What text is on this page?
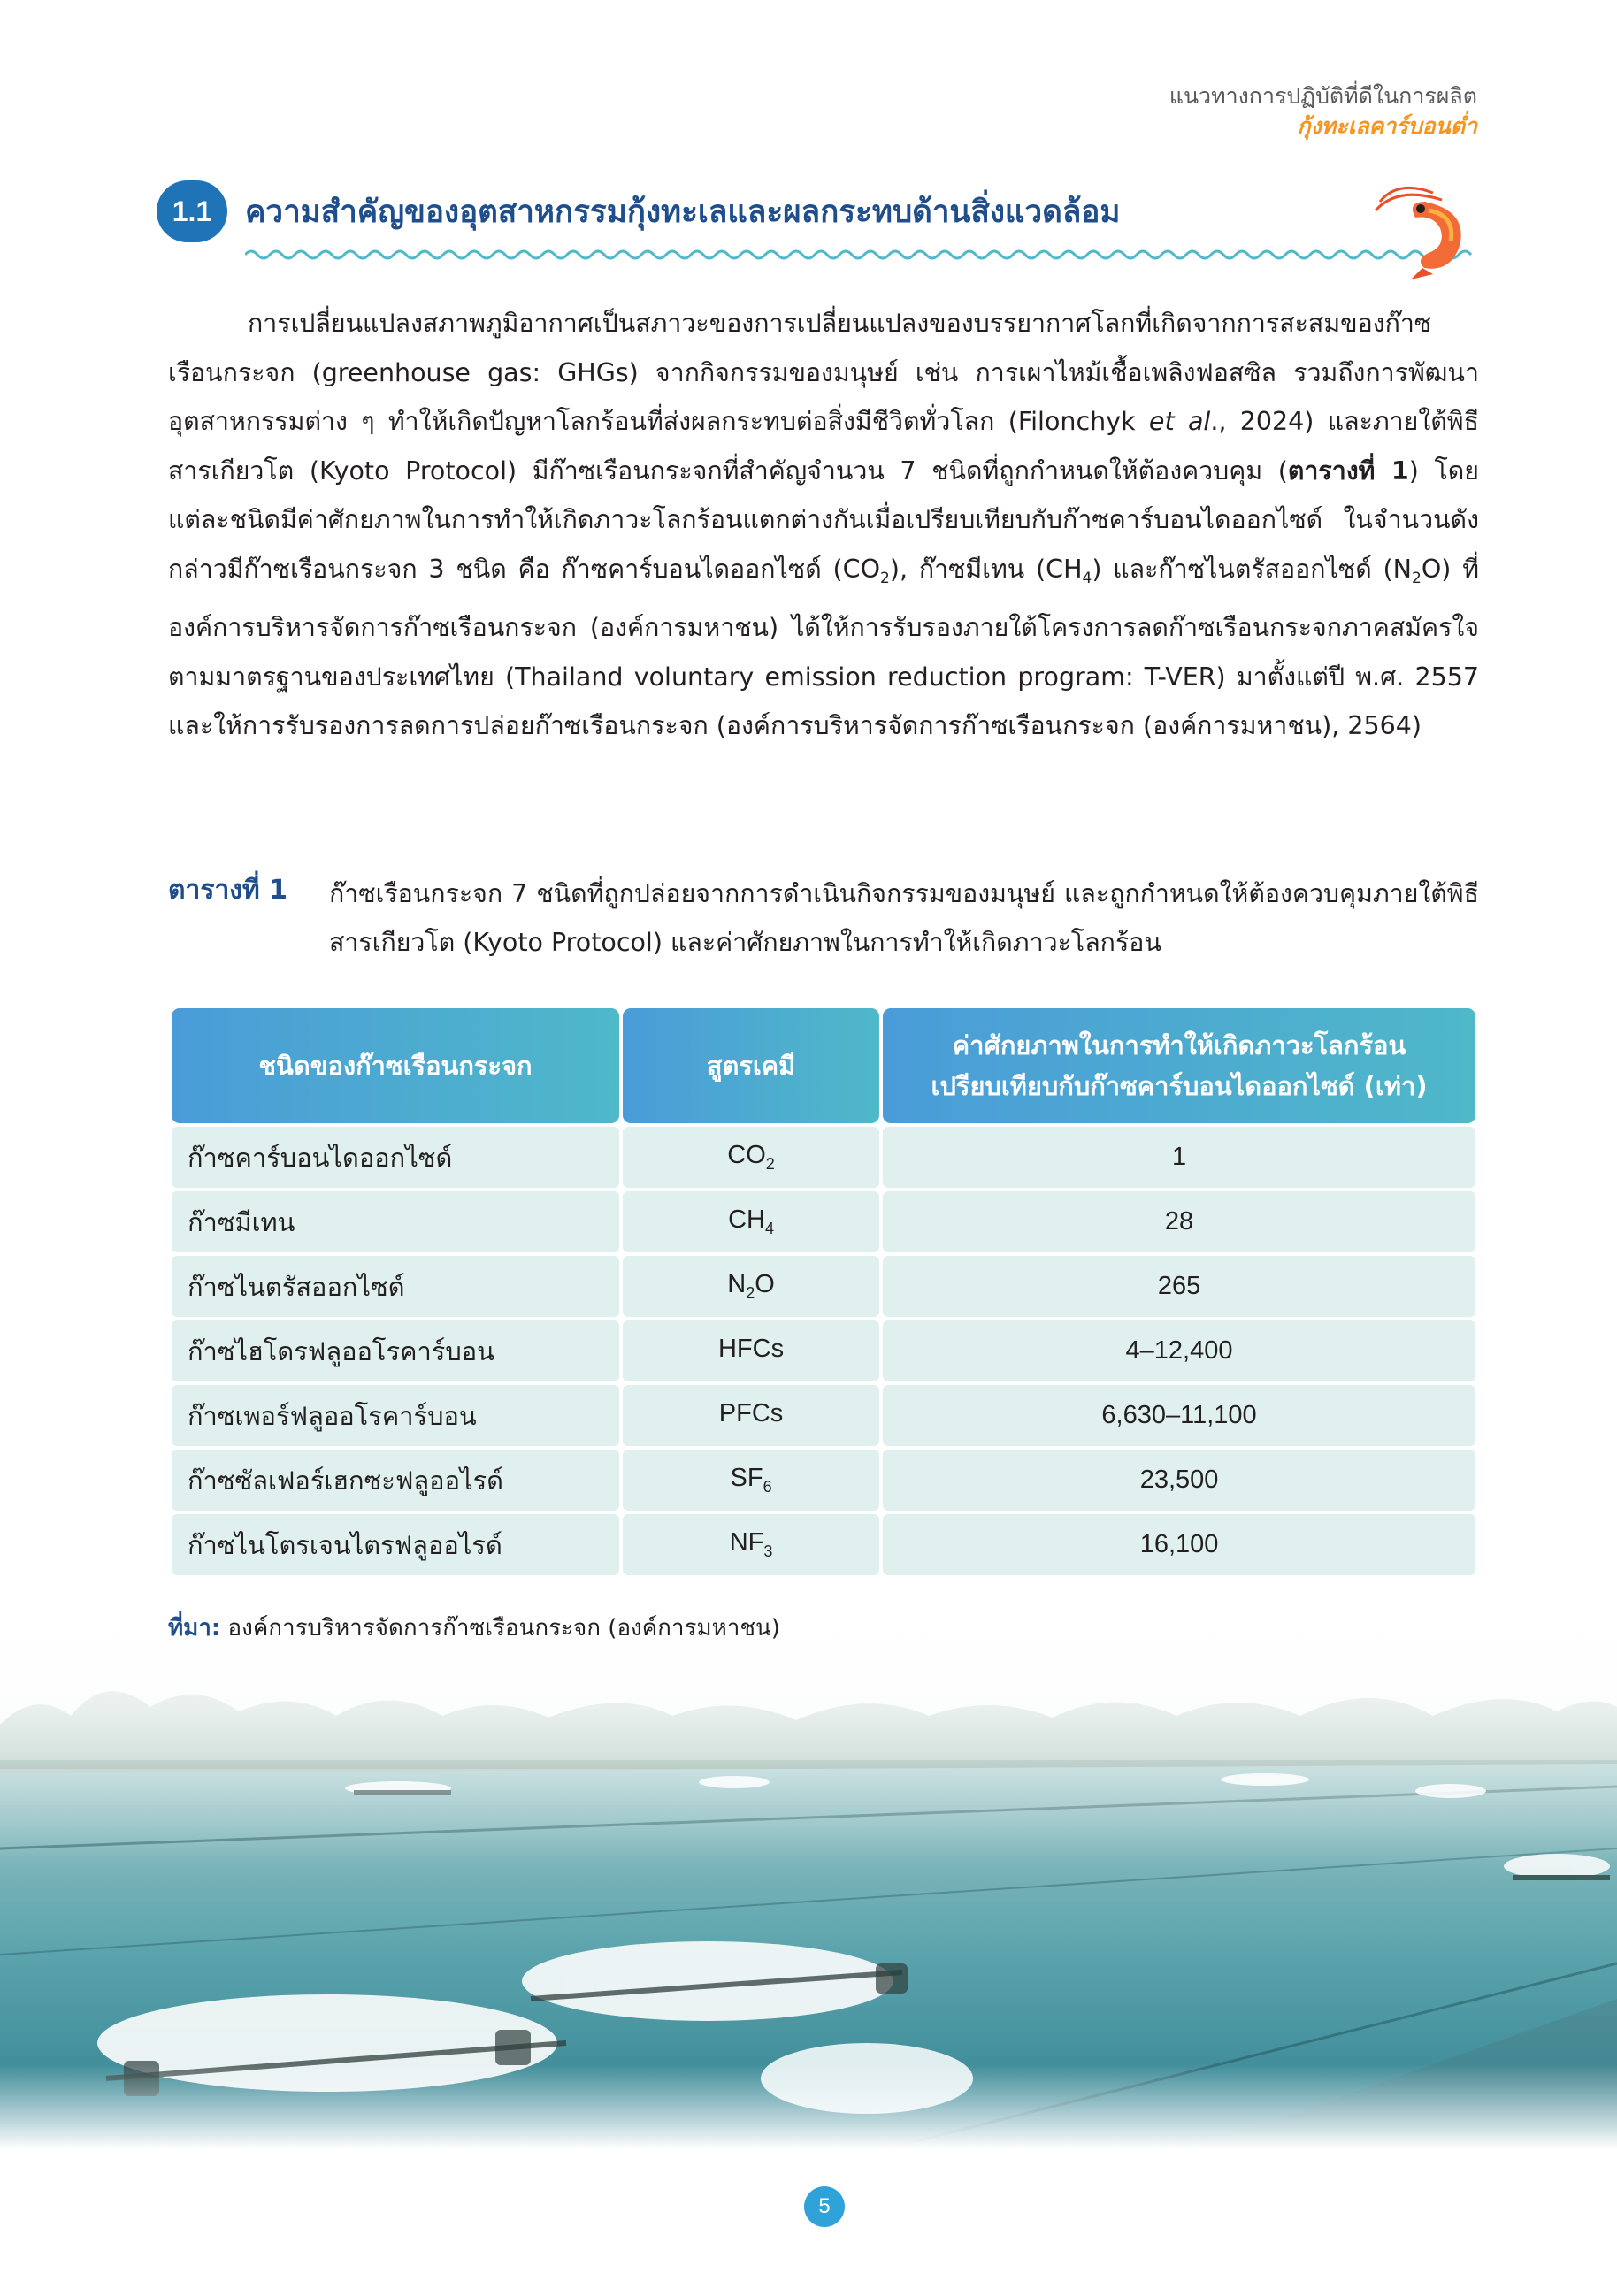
แนวทางการปฏิบัติที่ดีในการผลิต
กุ้งทะเลคาร์บอนต่ำ
1.1	ความสำคัญของอุตสาหกรรมกุ้งทะเลและผลกระทบด้านสิ่งแวดล้อม

การเปลี่ยนแปลงสภาพภูมิอากาศเป็นสภาวะของการเปลี่ยนแปลงของบรรยากาศโลกที่เกิดจากการสะสมของก๊าซเรือนกระจก (greenhouse gas: GHGs) จากกิจกรรมของมนุษย์ เช่น การเผาไหม้เชื้อเพลิงฟอสซิล รวมถึงการพัฒนาอุตสาหกรรมต่าง ๆ ทำให้เกิดปัญหาโลกร้อนที่ส่งผลกระทบต่อสิ่งมีชีวิตทั่วโลก (Filonchyk et al., 2024) และภายใต้พิธีสารเกียวโต (Kyoto Protocol) มีก๊าซเรือนกระจกที่สำคัญจำนวน 7 ชนิดที่ถูกกำหนดให้ต้องควบคุม (ตารางที่ 1) โดยแต่ละชนิดมีค่าศักยภาพในการทำให้เกิดภาวะโลกร้อนแตกต่างกันเมื่อเปรียบเทียบกับก๊าซคาร์บอนไดออกไซด์ ในจำนวนดังกล่าวมีก๊าซเรือนกระจก 3 ชนิด คือ ก๊าซคาร์บอนไดออกไซด์ $(CO_2)$, ก๊าซมีเทน $(CH_4)$ และก๊าซไนตรัสออกไซด์ $(N_2O)$ ที่องค์การบริหารจัดการก๊าซเรือนกระจก (องค์การมหาชน) ได้ให้การรับรองภายใต้โครงการลดก๊าซเรือนกระจกภาคสมัครใจตามมาตรฐานของประเทศไทย (Thailand voluntary emission reduction program: T-VER) มาตั้งแต่ปี พ.ศ. 2557 และให้การรับรองการลดการปล่อยก๊าซเรือนกระจก (องค์การบริหารจัดการก๊าซเรือนกระจก (องค์การมหาชน), 2564)

ตารางที่ 1 ก๊าซเรือนกระจก 7 ชนิดที่ถูกปล่อยจากการดำเนินกิจกรรมของมนุษย์ และถูกกำหนดให้ต้องควบคุมภายใต้พิธีสารเกียวโต (Kyoto Protocol) และค่าศักยภาพในการทำให้เกิดภาวะโลกร้อน
ชนิดของก๊าซเรือนกระจก	สูตรเคมี	ค่าศักยภาพในการทำให้เกิดภาวะโลกร้อนเปรียบเทียบกับก๊าซคาร์บอนไดออกไซด์ (เท่า)
ก๊าซคาร์บอนไดออกไซด์	$CO_2$	1
ก๊าซมีเทน	$CH_4$	28
ก๊าซไนตรัสออกไซด์	$N_2O$	265
ก๊าซไฮโดรฟลูออโรคาร์บอน	HFCs	4–12,400
ก๊าซเพอร์ฟลูออโรคาร์บอน	PFCs	6,630–11,100
ก๊าซซัลเฟอร์เฮกซะฟลูออไรด์	$SF_6$	23,500
ก๊าซไนโตรเจนไตรฟลูออไรด์	$NF_3$	16,100
ที่มา: องค์การบริหารจัดการก๊าซเรือนกระจก (องค์การมหาชน)
5
